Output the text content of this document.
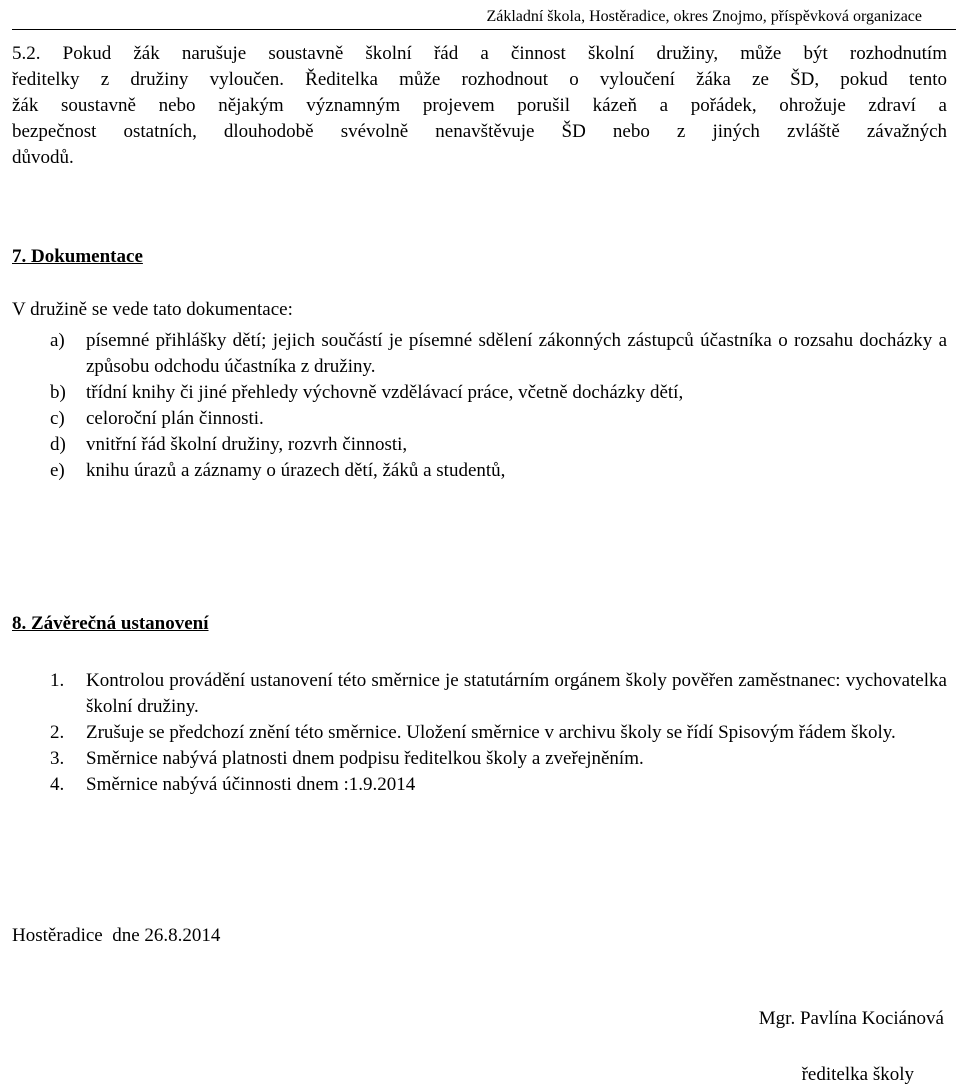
Základní škola, Hostěradice, okres Znojmo, příspěvková organizace
5.2. Pokud žák narušuje soustavně školní řád a činnost školní družiny, může být rozhodnutím
ředitelky z družiny vyloučen. Ředitelka může rozhodnout o vyloučení žáka ze ŠD, pokud tento
žák soustavně nebo nějakým významným projevem porušil kázeň a pořádek, ohrožuje zdraví a
bezpečnost ostatních, dlouhodobě svévolně nenavštěvuje ŠD nebo z jiných zvláště závažných
důvodů.
7. Dokumentace
V družině se vede tato dokumentace:
a) písemné přihlášky dětí; jejich součástí je písemné sdělení zákonných zástupců účastníka o rozsahu docházky a způsobu odchodu účastníka z družiny.
b) třídní knihy či jiné přehledy výchovně vzdělávací práce, včetně docházky dětí,
c) celoroční plán činnosti.
d) vnitřní řád školní družiny, rozvrh činnosti,
e) knihu úrazů a záznamy o úrazech dětí, žáků a studentů,
8. Závěrečná ustanovení
1. Kontrolou provádění ustanovení této směrnice je statutárním orgánem školy pověřen zaměstnanec: vychovatelka školní družiny.
2. Zrušuje se předchozí znění této směrnice. Uložení směrnice v archivu školy se řídí Spisovým řádem školy.
3. Směrnice nabývá platnosti dnem podpisu ředitelkou školy a zveřejněním.
4. Směrnice nabývá účinnosti dnem :1.9.2014
Hostěradice  dne 26.8.2014
Mgr. Pavlína Kociánová
ředitelka školy
